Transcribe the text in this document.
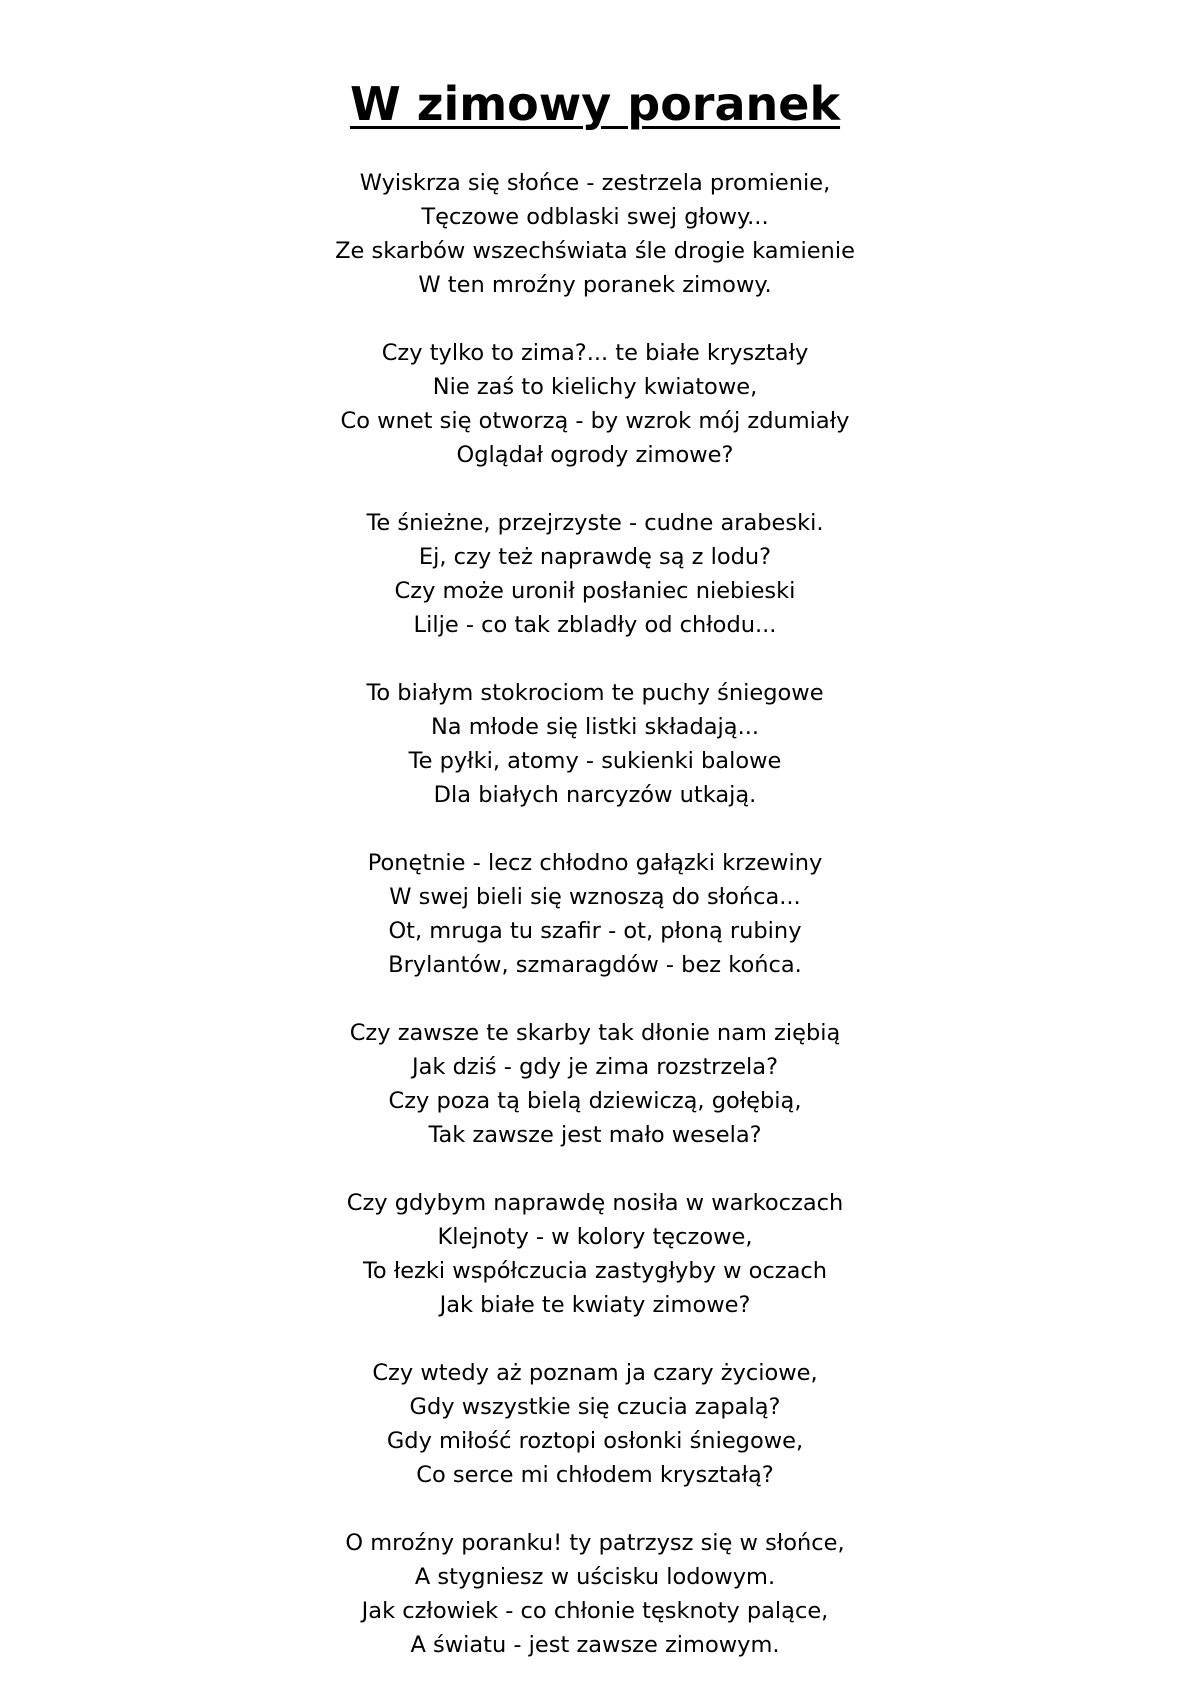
W zimowy poranek
Wyiskrza się słońce - zestrzela promienie,
Tęczowe odblaski swej głowy...
Ze skarbów wszechświata śle drogie kamienie
W ten mroźny poranek zimowy.
Czy tylko to zima?... te białe kryształy
Nie zaś to kielichy kwiatowe,
Co wnet się otworzą - by wzrok mój zdumiały
Oglądał ogrody zimowe?
Te śnieżne, przejrzyste - cudne arabeski.
Ej, czy też naprawdę są z lodu?
Czy może uronił posłaniec niebieski
Lilje - co tak zbladły od chłodu...
To białym stokrociom te puchy śniegowe
Na młode się listki składają...
Te pyłki, atomy - sukienki balowe
Dla białych narcyzów utkają.
Ponętnie - lecz chłodno gałązki krzewiny
W swej bieli się wznoszą do słońca...
Ot, mruga tu szafir - ot, płoną rubiny
Brylantów, szmaragdów - bez końca.
Czy zawsze te skarby tak dłonie nam ziębią
Jak dziś - gdy je zima rozstrzela?
Czy poza tą bielą dziewiczą, gołębią,
Tak zawsze jest mało wesela?
Czy gdybym naprawdę nosiła w warkoczach
Klejnoty - w kolory tęczowe,
To łezki współczucia zastygłyby w oczach
Jak białe te kwiaty zimowe?
Czy wtedy aż poznam ja czary życiowe,
Gdy wszystkie się czucia zapalą?
Gdy miłość roztopi osłonki śniegowe,
Co serce mi chłodem kryształą?
O mroźny poranku! ty patrzysz się w słońce,
A stygniesz w uścisku lodowym.
Jak człowiek - co chłonie tęsknoty palące,
A światu - jest zawsze zimowym.
